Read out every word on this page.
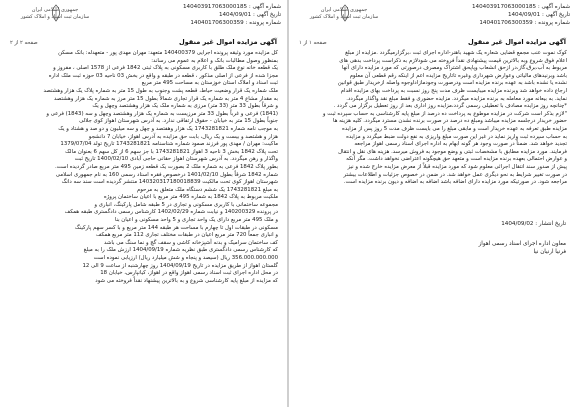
شماره آگهی : 140403917063000185
تاریخ آگهی : 1404/09/01
شماره پرونده : 140401706300359
جمهوری اسلامی ایران
سازمان ثبت اسناد و املاک کشور
صفحه ۱ از ۱	آگهی مزایده اموال غیر منقول

کوک نموت عنب مجمع قضایی شعاره یک شهید باهنر-اداره اجرای ثبت ،برگزارمیگردد .مزایده از مبلغ

اعلام فوق شروع وبه بالاترین قیمت پیشنهادی نقداً فروخته می شودلازم به ذکراست پرداخت بدهی های

مربوط به آب،برق،گاز،در ازحق انشعاب وپاپحق اشتراک ومصرف درصورتی که مورد مزایده دارای آنها

باشد وبرنیدهای مالیاتی وعوارض شهرداری وغیره تاتاریخ مزایده اعم از اینکه رقم قطعی آن معلوم

نشده یا نشده باشد به عهده برنده مزایده است ودرصورت وجودمازاداوجوه واصله ازخریدار طبق قوانین

ارجاع داده خواهد شد وبرنده مزایده میبایست ظرف مدت پنج روز نسبت به پرداخت بهای مزایده اقدام

نماید. به بیعانه مورد معامله به برنده مزایده میگردد. مزایده حضوری و فقط مبلغ نقد واگذار میگردد.

*چنانچه روز مزایده مصادف با تعطیلی رسمی گردد،مزایده روز اداری بعد از روز تعطیل برگزار می گردد .

"لازم بذکر است شرکت در مزایده موطوع به پرداخت ده درصد از مبلغ پایه کارشناسی به حساب سپرده ثبت و

حضور خریدار درجلسه مزایده میباشد ومبلغ ده درصد در صورت برنده نشدن مسترد میگردد. کلیه هزینه ها

مزایده طبق تعرفه به عهده خریدار است و مابقی مبلغ را می بایست ظرف مدت 5 روز پس از مزایده

به حساب سپرده ثبت واریز نماید در غیر این صورت مبلغ واریزی به نفع دولت ضبط میگردد و مزایده

تجدید خواهد شد. ضمناً در صورت وجود هر گونه ابهام به اداره اجرای اسناد رسمی اهواز مراجعه

فرمایند. مورد مزایده مطابق با مشخصات ثبتی و وضع موجود به فروش میرسد. هزینه های نقل و انتقال

و عوارض احتمالی بعهده برنده مزایده است و متعهد حق هیچگونه اعتراضی نخواهد داشت. مگر آنکه

پیش از صدور سند انتقال اجرائی معلوم شود که مورد مزایده قبلاً از معرض مزایده خارج شده و نیز

در صورت تغییر شرایط به نحو دیگری عمل خواهد شد. در ضمن در خصوص جزئیات و اطلاعات بیشتر

مراجعه شود. در صورتیکه مورد مزایده دارای اضافه باشد اضافه به اضافه و دیون برنده مزایده است.

تاریخ انتشار : 1404/09/02
معاون اداره اجرای اسناد رسمی اهواز
فرنیا ارنیان نیا
شماره آگهی : 140403917063000185
تاریخ آگهی : 1404/09/01
شماره پرونده : 140401706300359
جمهوری اسلامی ایران
سازمان ثبت اسناد و املاک کشور
صفحه ۲ از ۲	آگهی مزایده اموال غیر منقول

کل مزایده مورد وثیقه پرونده اجرایی 140400379 متعهد: مهران مهدی پور - متعهدله: بانک مسکن

بمنظور وصول مطالبات بانک و اعلام به عموم می رساند:

یک قطعه خانه نوع ملک طلق با کاربری مسکونی به پلاک ثبتی 1842 فرعی از 1578 اصلی ، مفروز و

مجزا شده از فرعی از اصلی مذکور ، قطعه در طبقه و واقع در بخش 03 ناحیه 03 حوزه ثبت ملک اداره

ثبت اسناد و املاک استان خوزستان به مساحت 495 متر مربع

ملک شماره یک قرار وضعیت حیاط، قطعه پشت وجنوب به طول 15 متر به شماره پلاک یک هزار وهشتصد

به مقدار مشاع 4 متر به شماره یک قرار تجاری شمالاً بطول 15 متر مرز به شماره یک هزار وهشتصد

و شرقاً بطول 33 متر (33 متر) مرزی به شماره ملک یک هزار وهشتصد وچهل و یک

(1841) فرعی و غرباً بطول 33 متر مرزیست به شماره یک هزار وهشتصد وچهل و سه (1843) فرعی و

جنوباً بطول 15 متر به خیابان - حقوق ارتفاقی ندارد. به آدرس شهرستان اهواز کوی جلالی

به موجب نامه شماره 1743281821 یک هزار وهفتصد و چهل و سه میلیون و دو صد و هشتاد و یک

هزار و هشتصد و بیست و یک ریال، بابت حق مزایده به آدرس اهواز، خیابان 7 دانشجو

ماکیت: مهران / مهدی پور فرزند صمود شماره شناسنامه 1743281821 تاریخ تولد 1379/07/04

تحت پلاک 1842 بخش 3 ناحیه 3 اهواز 1743281821 با جز سهم 6 از کل سهم 6 بعنوان مالک

واگذار و رهن میگردد. به آدرس شهرستان اهواز حقانی حاجی آبادی 1400/02/10 تاریخ ثبت

بطور پلاک 1842 فرعی به شماره ملک 2 بصورت یک قطعه زمین 495 متر مربع صادر گردیده است.

شماره 1842 شرقاً بطول 1401/02/10 درخصوص فقره اسناد رسمی 160 به نام جمهوری اسلامی

شهرستان اهواز کوی تحت مالکیت 140320317180018839 منتشر گردیده است سند سه دانگ

به مبلغ 1743281821 یک ششم دستگاه ملک متعلق به مرحوم

ملکیت مربوط به پلاک 1842 به شماره 495 متر مربع با اعیان ساختمان پروژه

مجموعه ساختمانی با کاربری مسکونی و تجاری در 5 طبقه شامل پارکینگ، انباری و

در پرونده 140200329 و نیابت شماره 1402/02/29 کارشناس رسمی دادگستری طبقه همکف

و ملک 495 متر مربع دارای یک واحد تجاری و 5 واحد مسکونی و اعیان بنا

مسکونی در طبقات اول تا چهارم با مساحت هر طبقه 144 متر مربع و با کسر سهم پارکینگ

و انباری جمعاً 720 متر مربع اعیان در طبقات مختلف تجاری 112 متر مربع همکف

کف ساختمان سرامیک و بدنه آشپزخانه کاشی و سقف گچ و نما سنگ می باشد

که کارشناس رسمی دادگستری طبق نظریه شماره 1404/09/19 ارزش ملک را به مبلغ

356.000.000.000 ریال (سیصد و پنجاه و شش میلیارد ریال) ارزیابی نموده است

گلستان اهواز از طریق مزایده در تاریخ 1404/09/19 روز چهارشنبه از ساعت 9 الی 12

در محل اداره اجرای ثبت اسناد رسمی اهواز واقع در اهواز، کیانپارس، خیابان 18

که مزایده از مبلغ پایه کارشناسی شروع و به بالاترین پیشنهاد نقداً فروخته می شود
